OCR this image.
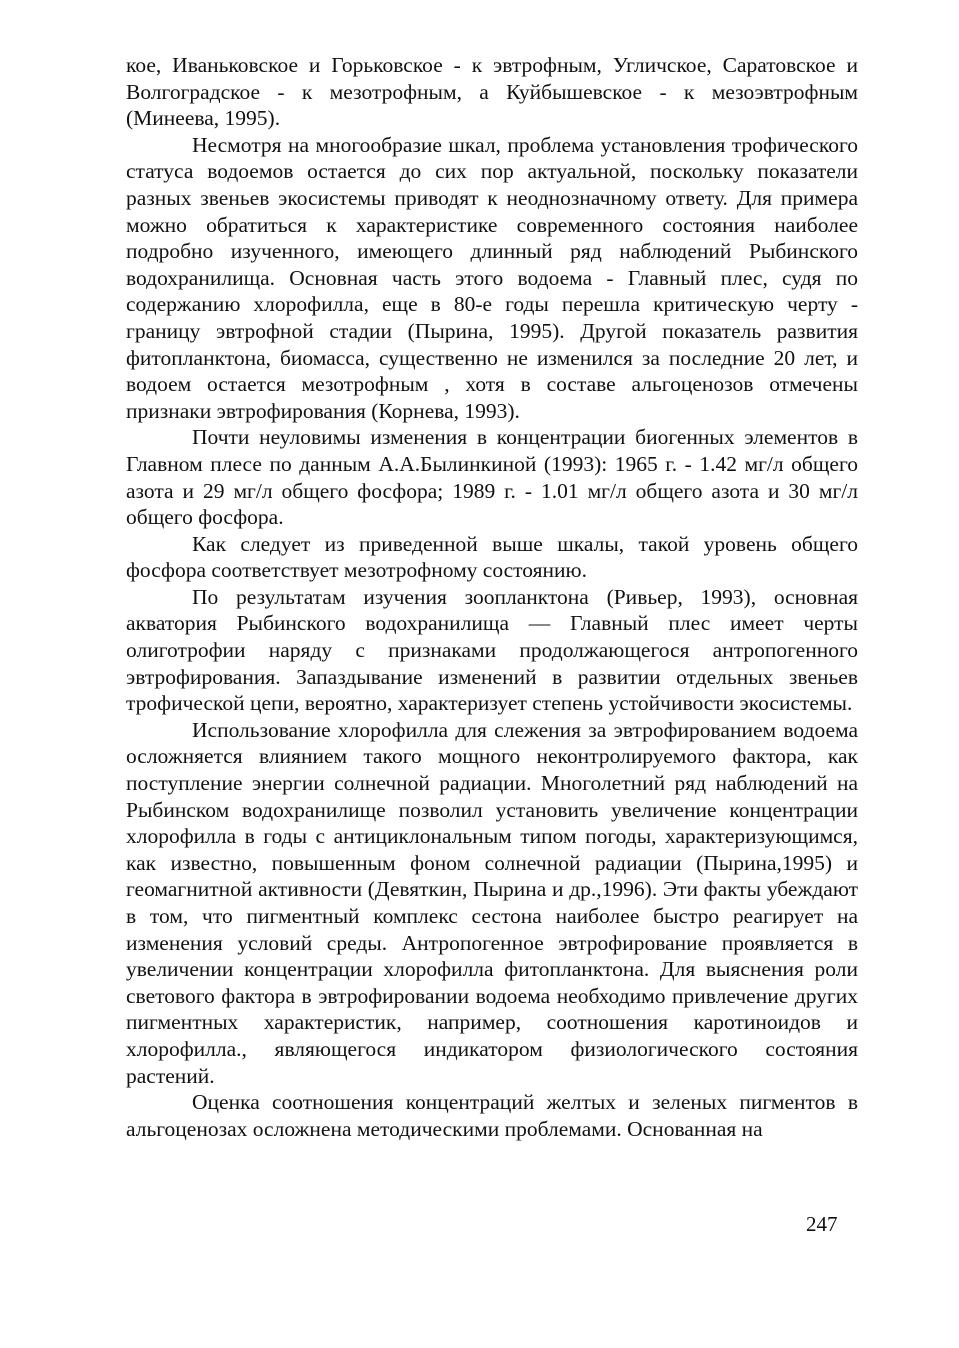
кое, Иваньковское и Горьковское - к эвтрофным, Угличское, Саратовское и Волгоградское - к мезотрофным, а Куйбышевское - к мезоэвтрофным (Минеева, 1995).

Несмотря на многообразие шкал, проблема установления трофического статуса водоемов остается до сих пор актуальной, поскольку показатели разных звеньев экосистемы приводят к неоднозначному ответу. Для примера можно обратиться к характеристике современного состояния наиболее подробно изученного, имеющего длинный ряд наблюдений Рыбинского водохранилища. Основная часть этого водоема - Главный плес, судя по содержанию хлорофилла, еще в 80-е годы перешла критическую черту - границу эвтрофной стадии (Пырина, 1995). Другой показатель развития фитопланктона, биомасса, существенно не изменился за последние 20 лет, и водоем остается мезотрофным , хотя в составе альгоценозов отмечены признаки эвтрофирования (Корнева, 1993).

Почти неуловимы изменения в концентрации биогенных элементов в Главном плесе по данным А.А.Былинкиной (1993): 1965 г. - 1.42 мг/л общего азота и 29 мг/л общего фосфора; 1989 г. - 1.01 мг/л общего азота и 30 мг/л общего фосфора.

Как следует из приведенной выше шкалы, такой уровень общего фосфора соответствует мезотрофному состоянию.

По результатам изучения зоопланктона (Ривьер, 1993), основная акватория Рыбинского водохранилища — Главный плес имеет черты олиготрофии наряду с признаками продолжающегося антропогенного эвтрофирования. Запаздывание изменений в развитии отдельных звеньев трофической цепи, вероятно, характеризует степень устойчивости экосистемы.

Использование хлорофилла для слежения за эвтрофированием водоема осложняется влиянием такого мощного неконтролируемого фактора, как поступление энергии солнечной радиации. Многолетний ряд наблюдений на Рыбинском водохранилище позволил установить увеличение концентрации хлорофилла в годы с антициклональным типом погоды, характеризующимся, как известно, повышенным фоном солнечной радиации (Пырина,1995) и геомагнитной активности (Девяткин, Пырина и др.,1996). Эти факты убеждают в том, что пигментный комплекс сестона наиболее быстро реагирует на изменения условий среды. Антропогенное эвтрофирование проявляется в увеличении концентрации хлорофилла фитопланктона. Для выяснения роли светового фактора в эвтрофировании водоема необходимо привлечение других пигментных характеристик, например, соотношения каротиноидов и хлорофилла., являющегося индикатором физиологического состояния растений.

Оценка соотношения концентраций желтых и зеленых пигментов в альгоценозах осложнена методическими проблемами. Основанная на

247
